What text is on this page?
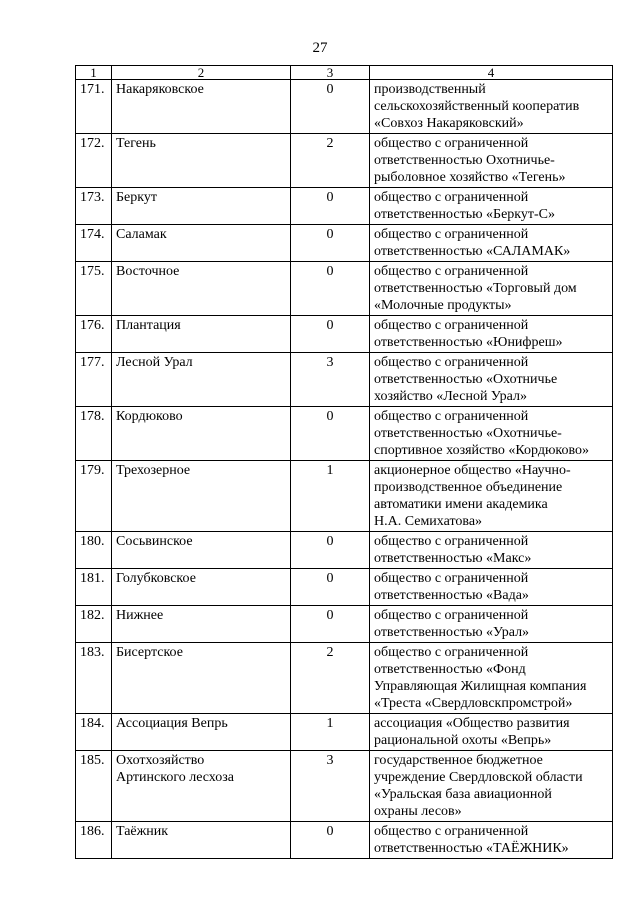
27
1	2	3	4
171.	Накаряковское	0	производственный
сельскохозяйственный кооператив
«Совхоз Накаряковский»

172.	Тегень	2	общество с ограниченной
ответственностью Охотничье-
рыболовное хозяйство «Тегень»

173.	Беркут	0	общество с ограниченной
ответственностью «Беркут-С»

174.	Саламак	0	общество с ограниченной
ответственностью «САЛАМАК»

175.	Восточное	0	общество с ограниченной
ответственностью «Торговый дом
«Молочные продукты»

176.	Плантация	0	общество с ограниченной
ответственностью «Юнифреш»

177.	Лесной Урал	3	общество с ограниченной
ответственностью «Охотничье
хозяйство «Лесной Урал»

178.	Кордюково	0	общество с ограниченной
ответственностью «Охотничье-
спортивное хозяйство «Кордюково»

179.	Трехозерное	1	акционерное общество «Научно-
производственное объединение
автоматики имени академика
Н.А. Семихатова»

180.	Сосьвинское	0	общество с ограниченной
ответственностью «Макс»

181.	Голубковское	0	общество с ограниченной
ответственностью «Вада»

182.	Нижнее	0	общество с ограниченной
ответственностью «Урал»

183.	Бисертское	2	общество с ограниченной
ответственностью «Фонд
Управляющая Жилищная компания
«Треста «Свердловскпромстрой»

184.	Ассоциация Вепрь	1	ассоциация «Общество развития
рациональной охоты «Вепрь»

185.	Охотхозяйство
Артинского лесхоза	3	государственное бюджетное
учреждение Свердловской области
«Уральская база авиационной
охраны лесов»

186.	Таёжник	0	общество с ограниченной
ответственностью «ТАЁЖНИК»
